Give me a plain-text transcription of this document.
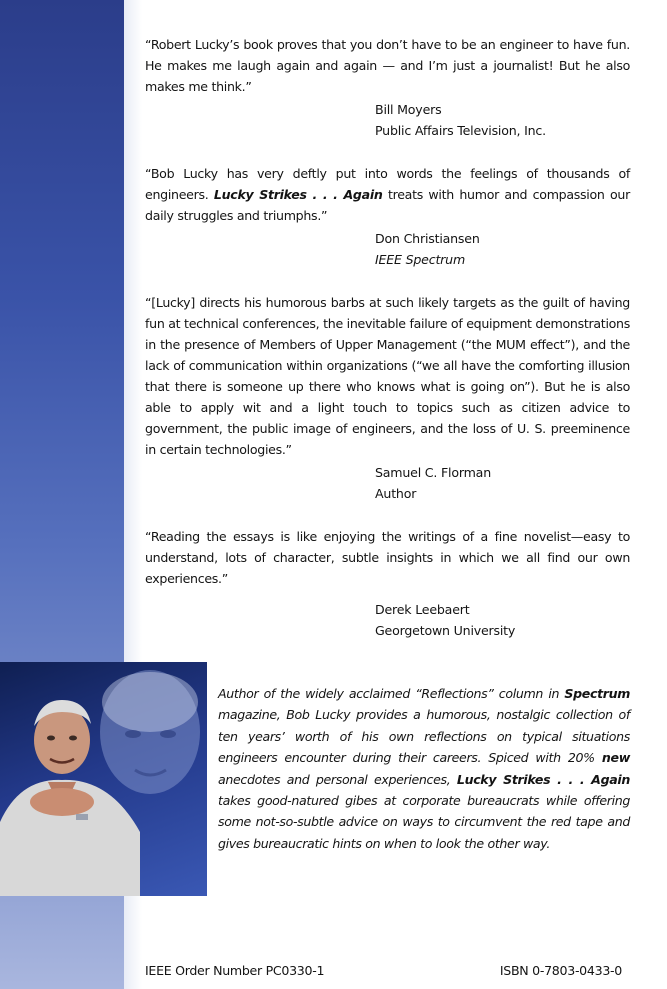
“Robert Lucky’s book proves that you don’t have to be an engineer to have fun. He makes me laugh again and again — and I’m just a journalist! But he also makes me think.”

Bill Moyers
Public Affairs Television, Inc.

“Bob Lucky has very deftly put into words the feelings of thousands of engineers. Lucky Strikes . . . Again treats with humor and compassion our daily struggles and triumphs.”

Don Christiansen
IEEE Spectrum

“[Lucky] directs his humorous barbs at such likely targets as the guilt of having fun at technical conferences, the inevitable failure of equipment demonstrations in the presence of Members of Upper Management (“the MUM effect”), and the lack of communication within organizations (“we all have the comforting illusion that there is someone up there who knows what is going on”). But he is also able to apply wit and a light touch to topics such as citizen advice to government, the public image of engineers, and the loss of U. S. preeminence in certain technologies.”

Samuel C. Florman
Author

“Reading the essays is like enjoying the writings of a fine novelist—easy to understand, lots of character, subtle insights in which we all find our own experiences.”

Derek Leebaert
Georgetown University

Author of the widely acclaimed “Reflections” column in Spectrum magazine, Bob Lucky provides a humorous, nostalgic collection of ten years’ worth of his own reflections on typical situations engineers encounter during their careers. Spiced with 20% new anecdotes and personal experiences, Lucky Strikes . . . Again takes good-natured gibes at corporate bureaucrats while offering some not-so-subtle advice on ways to circumvent the red tape and gives bureaucratic hints on when to look the other way.

IEEE Order Number PC0330-1	ISBN 0-7803-0433-0
